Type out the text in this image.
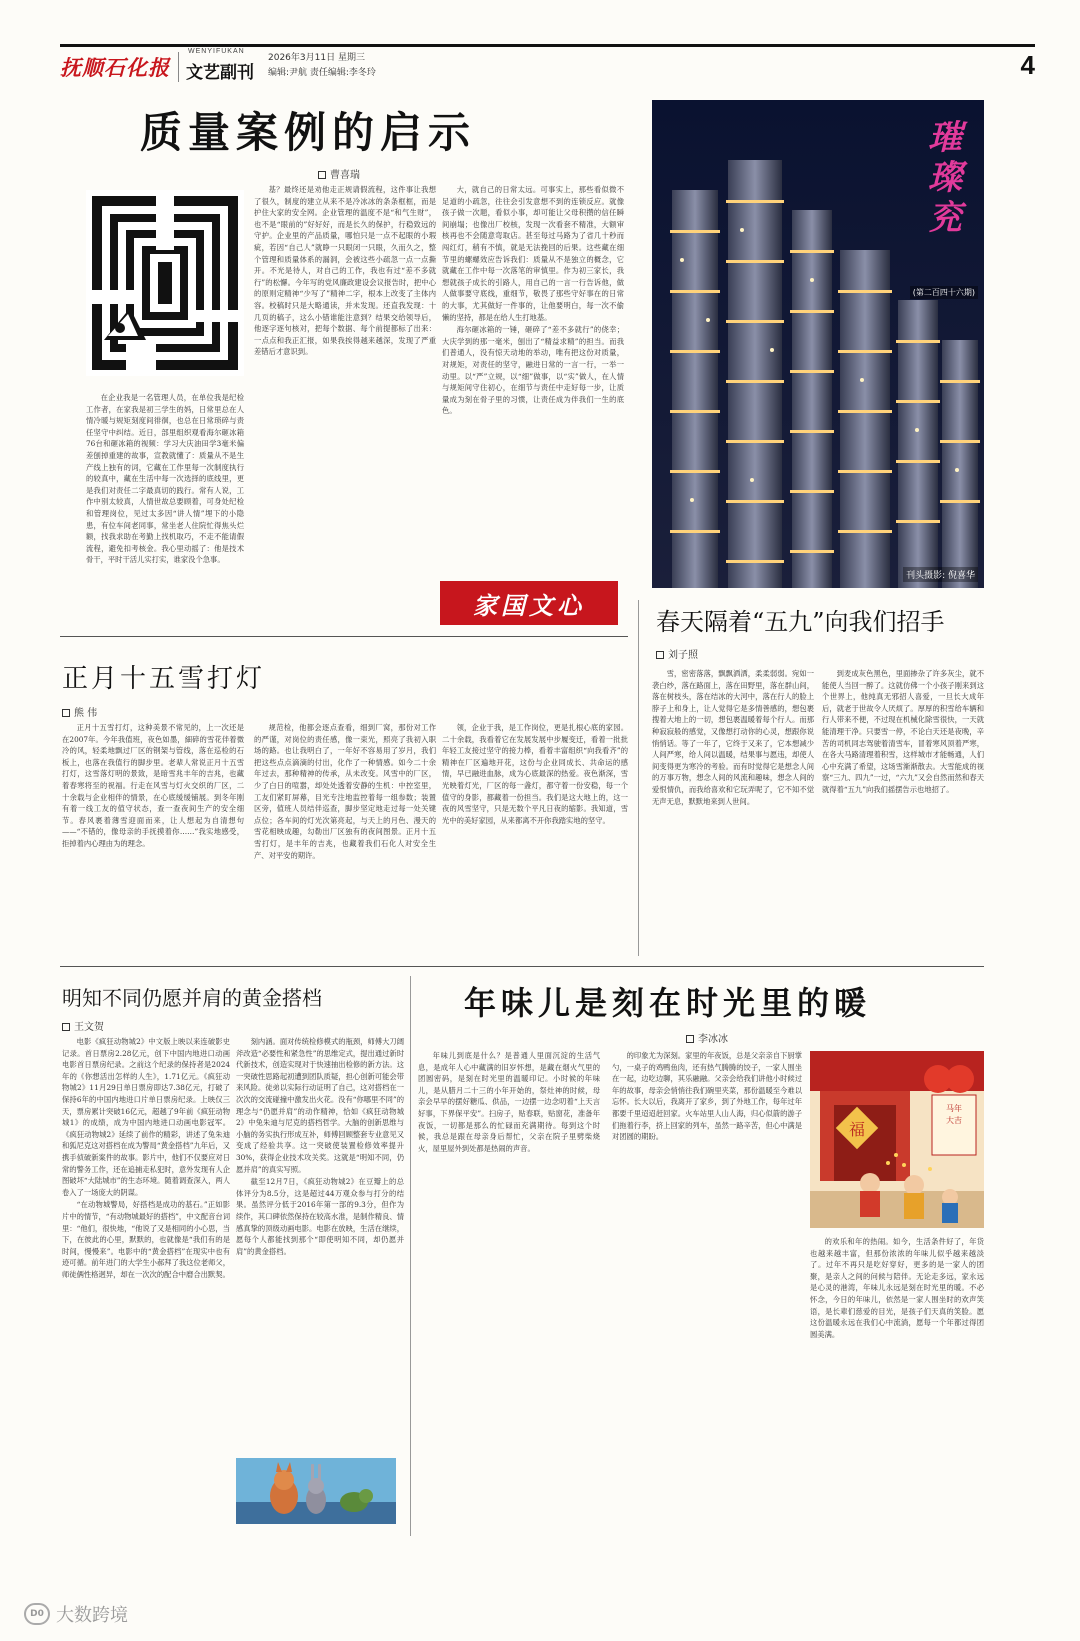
抚顺石化报
WENYIFUKAN
文艺副刊
2026年3月11日 星期三
编辑:尹航 责任编辑:李冬玲	4
质量案例的启示
曹喜瑞

在企业我是一名管理人员，在单位我是纪检工作者，在家我是初三学生的妈，日常里总在人情冷暖与规矩刻度间徘徊，也总在日常琐碎与责任坚守中纠结。近日，部里组织观看海尔砸冰箱76台和砸冰箱的视频：学习大庆油田学3毫米偏差刨掉重建的故事，宣教就懂了：质量从不是生产线上独有的词，它藏在工作里每一次制度执行的较真中，藏在生活中每一次选择的底线里，更是我们对责任二字最真切的践行。常有人说，工作中别太较真，人情世故总要顾着，可身处纪检和管理岗位，见过太多因“讲人情”埋下的小隐患，有位车间老同事，常坐老人住院忙得焦头烂额，找我求助在考勤上找机取巧，不走不能请假流程，避免扣考核金。我心里动摇了：他是技术骨干，平时干活儿实打实，谁家没个急事。

基？最终还是劝他走正规请假流程，这件事让我想了很久，制度的建立从来不是冷冰冰的条条框框，而是护住大家的安全网。企业管理的温度不是“和气生财”，也不是“眼前的”好好好，而是长久的保护，行稳致远的守护。企业里的产品质量，哪怕只是一点不起眼的小瑕疵，若因“自己人”就睁一只眼闭一只眼，久而久之，整个管理和质量体系的漏洞，会被这些小疏忽一点一点撕开。不光是待人，对自己的工作，我也有过“差不多就行”的松懈。今年写的党风廉政建设会议报告时，把中心的原则定精神“少写了”精神二字，根本上改变了主体内容。校稿时只是大略通读，并未发现。还直我发现：十几页的稿子，这么小错谁能注意到？结果交给领导后，他逐字逐句核对，把每个数据、每个前提都标了出来：一点点和我正汇报，如果我挨得越来越深，发现了严重差错后才意识到。

大，就自己的日常太远。可事实上，那些看似微不足道的小疏忽，往往会引发意想不到的连锁反应。就像孩子做一次题，看似小事，却可能让父母积攒的信任瞬间崩塌；也像出厂校核，发现一次看套不精准，大额审核再也不会随意弯取店。甚至每过马路为了省几十秒而闯红灯，稍有不慎，就是无法挽回的后果。这些藏在细节里的螺螺效应告诉我们：质量从不是独立的概念，它就藏在工作中每一次落笔的审慎里。作为初三家长，我想就孩子成长的引路人，用自己的一言一行告诉他，做人做事要守底线，重细节，敬畏了那些守好事在的日常的大事，尤其做好一件事的，让他要明白，每一次不偷懒的坚持，都是在给人生打地基。

海尔砸冰箱的一锤，砸碎了“差不多就行”的侥幸；大庆学到的那一毫米，刨出了“精益求精”的担当。而我们普通人，没有惊天动地的举动，唯有把这份对质量，对规矩，对责任的坚守，融进日常的一言一行，一举一动里。以“严”立规，以“细”做事，以“实”做人，在人情与规矩间守住初心，在细节与责任中走好每一步，让质量成为刻在骨子里的习惯，让责任成为伴我们一生的底色。

家国文心
璀璨兖
(第二百四十六期)
刊头摄影: 倪喜华
春天隔着“五九”向我们招手
刘子照
正月十五雪打灯
熊 伟

正月十五雪打灯，这种美景不常见的，上一次还是在2007年。今年我值班，夜色如墨，細碎的雪花伴着微冷的风，轻柔地飘过厂区的钢架与管线，落在巡检的石板上，也落在我值行的脚步里。老辈人常说正月十五雪打灯，这雪落灯明的景致，是暗雪兆丰年的吉兆，也藏着春寒将至的祝福。行走在风雪与灯火交织的厂区，二十余载与企业相伴的情景，在心底缓缓铺展。到冬年刚有着一线工友的值守状态，查一查夜间生产的安全细节。春风裹着薄雪迎面而来，让人想起为自清想句——“不错的，像母亲的手抚摸着你……”我实地感受，拒掉着内心理由为的理念。

规范检，他都会逐点查看，细到厂窝，那份对工作的严谨，对岗位的责任感，像一束光，照亮了我初入职场的路。也让我明白了，一年好不容易用了岁月，我们把这些点点滴滴的付出，化作了一种情感。如今二十余年过去，那种精神的传承，从未改变。风雪中的厂区，少了白日的喧嚣，却处处透着安静的生机：中控室里，工友们紧盯屏幕，目光专注地监控着每一组参数；装置区旁，值班人员结伴巡查，脚步坚定地走过每一处关键点位；各车间的灯光次第亮起，与天上的月色、漫天的雪花相映成趣，勾勒出厂区独有的夜间图景。正月十五雪打灯，是丰年的吉兆，也藏着我们石化人对安全生产、对平安的期许。

领，企业于我，是工作岗位，更是扎根心底的家园。二十余载，我看着它在发展发展中步履变迁，看着一批批年轻工友接过坚守的接力棒，看着丰富组织“向我看齐”的精神在厂区遍地开花，这份与企业同成长、共命运的感情，早已融进血脉，成为心底最深的热爱。夜色渐深，雪光映着灯光，厂区的每一盏灯，都守着一份安稳，每一个值守的身影，都藏着一份担当。我们是这大地上的，这一夜的风雪坚守，只是无数个平凡日夜的缩影。我知道，雪光中的美好家园，从来都离不开你我踏实地的坚守。

雪，密密落落，飘飘洒洒，柔柔弱弱。宛如一袭白纱，落在路面上，落在田野里，落在群山间，落在树枝头，落在结冰的大河中，落在行人的脸上脖子上和身上，让人觉得它是多情善感的，想包裹搜着大地上的一切，想包裹温暖着每个行人。而那种寂寂般的感觉，又像想打动你的心灵，想跟你说悄悄话。等了一年了，它终于又来了，它本想减少人间严寒，给人间以温暖，结果事与愿违，却使人间变得更为寒冷的考验。而有时觉得它是想念人间的万事万物，想念人间的风流和趣味，想念人间的爱恨情仇，而我给喜欢和它玩弄呢了，它不知不觉无声无息，默默地来到人世间。

到麦成灰色黑色，里面掺杂了许多灰尘，就不能使人当回一醉了。这就仿佛一个小孩子刚来到这个世界上，他纯真无邪招人喜爱，一旦长大成年后，就老于世故令人厌烦了。厚厚的积雪给车辆和行人带来不便，不过现在机械化除雪很快，一天就能清理干净。只要雪一停，不论白天还是夜晚，辛苦的司机同志驾驶着清雪车，冒着寒风顶着严寒，在各大马路清理着积雪，这样城市才能畅通，人们心中充满了希望，这场雪渐渐散去。大雪能成的视察“三九、四九”一过，“六九”又会自然而然和春天就得着“五九”向我们摇摆告示也地招了。

明知不同仍愿并肩的黄金搭档
王文贺

电影《疯狂动物城2》中文版上映以来连破影史记录。首日票房2.28亿元，创下中国内地进口动画电影首日票房纪录。之前这个纪录的保持者是2024年的《你想活出怎样的人生》，1.71亿元。《疯狂动物城2》11月29日单日票房即达7.38亿元，打破了保持6年的中国内地进口片单日票房纪录。上映仅三天，票房累计突破16亿元，超越了9年前《疯狂动物城1》的成绩，成为中国内地进口动画电影冠军。《疯狂动物城2》延续了前作的精彩，讲述了兔朱迪和狐尼克这对搭档在成为警局“黄金搭档”九年后，又携手侦破新案件的故事。影片中，他们不仅要应对日常的警务工作，还在追捕走私犯时，意外发现有人企图破坏“大陆城市”的生态环境。随着调查深入，两人卷入了一场庞大的阴谋。

“在动物城警局，好搭档是成功的基石。”正如影片中的情节，“有动物城最好的搭档”，中文配音台词里：“他们，很快地，“他说了又是相同的小心思，当下，在彼此的心里，默默的，也就像是“我们有的是时间，慢慢来”。电影中的“黄金搭档”在现实中也有迹可循。前年进门的大学生小郝拜了我这位老师父，师徒俩性格迥异，却在一次次的配合中磨合出默契。

刻内涵。面对传统检修模式的瓶颈，师傅大刀阔斧改造“必要性和紧急性”的思维定式，提出通过新时代新技术，创造实现对于快速抽出检修的新方法。这一突破性思路起初遭到团队质疑，担心创新可能会带来风险。徒弟以实际行动证明了自己，这对搭档在一次次的交流碰撞中激发出火花。没有“你哪里不同”的理念与“仍愿并肩”的动作精神，恰如《疯狂动物城2》中兔朱迪与尼克的搭档哲学。大脑的创新思维与小脑的务实执行形成互补，师傅回顾整套专业意见又变成了经验共享。这一突破使装置检修效率提升30%，获得企业技术攻关奖。这就是“明知不同，仍愿并肩”的真实写照。

截至12月7日，《疯狂动物城2》在豆瓣上的总体评分为8.5分，这是超过44万观众参与打分的结果。虽然评分低于2016年第一部的9.3分，但作为续作，其口碑依然保持在较高水准，是制作精良、情感真挚的顶级动画电影。电影在放映，生活在继续，愿每个人都能找到那个“即使明知不同，却仍愿并肩”的黄金搭档。

年味儿是刻在时光里的暖
李冰冰

年味儿到底是什么？是普通人里面沉淀的生活气息，是成年人心中藏满的旧岁怀想，是藏在烟火气里的团圆密码，是刻在时光里的温暖印记。小时候的年味儿，是从腊月二十三的小年开始的，祭灶神的时候，母亲会早早的摆好糖瓜、供品，一边摆一边念叨着“上天言好事，下界保平安”。扫房子，贴春联，贴窗花，准备年夜饭，一切都是那么的忙碌而充满期待。每到这个时候，我总是跟在母亲身后帮忙，父亲在院子里劈柴烧火，屋里屋外到处都是热闹的声音。

的印象尤为深刻。家里的年夜饭，总是父亲亲自下厨掌勺，一桌子的鸡鸭鱼肉，还有热气腾腾的饺子，一家人围坐在一起，边吃边聊，其乐融融。父亲会给我们讲他小时候过年的故事，母亲会悄悄往我们碗里夹菜，那份温暖至今难以忘怀。长大以后，我离开了家乡，到了外地工作，每年过年都要千里迢迢赶回家。火车站里人山人海，归心似箭的游子们拖着行李，挤上回家的列车，虽然一路辛苦，但心中满是对团圆的期盼。

的欢乐和年的热闹。如今，生活条件好了，年货也越来越丰富，但那份浓浓的年味儿似乎越来越淡了。过年不再只是吃好穿好，更多的是一家人的团聚，是亲人之间的问候与陪伴。无论走多远，家永远是心灵的港湾，年味儿永远是刻在时光里的暖。不必怀念，今日的年味儿，依然是一家人围坐时的欢声笑语，是长辈们慈爱的目光，是孩子们天真的笑脸。愿这份温暖永远在我们心中流淌，愿每一个年都过得团圆美满。

福
马年
大吉
D0 大数跨境
